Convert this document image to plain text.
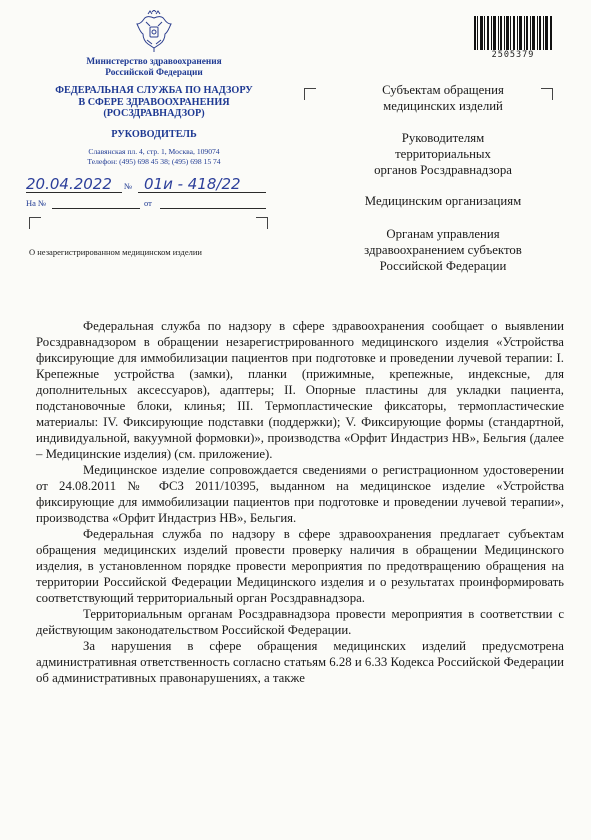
Министерство здравоохранения
Российской Федерации
ФЕДЕРАЛЬНАЯ СЛУЖБА ПО НАДЗОРУ
В СФЕРЕ ЗДРАВООХРАНЕНИЯ
(РОСЗДРАВНАДЗОР)
РУКОВОДИТЕЛЬ
Славянская пл. 4, стр. 1, Москва, 109074
Телефон: (495) 698 45 38; (495) 698 15 74
20.04.2022 № 01и - 418/22
На №	от
О незарегистрированном медицинском изделии
2505379
Субъектам обращения
медицинских изделий
Руководителям
территориальных
органов Росздравнадзора
Медицинским организациям
Органам управления
здравоохранением субъектов
Российской Федерации

Федеральная служба по надзору в сфере здравоохранения сообщает о выявлении Росздравнадзором в обращении незарегистрированного медицинского изделия «Устройства фиксирующие для иммобилизации пациентов при подготовке и проведении лучевой терапии: I. Крепежные устройства (замки), планки (прижимные, крепежные, индексные, для дополнительных аксессуаров), адаптеры; II. Опорные пластины для укладки пациента, подстановочные блоки, клинья; III. Термопластические фиксаторы, термопластические материалы: IV. Фиксирующие подставки (поддержки); V. Фиксирующие формы (стандартной, индивидуальной, вакуумной формовки)», производства «Орфит Индастриз НВ», Бельгия (далее – Медицинские изделия) (см. приложение).

Медицинское изделие сопровождается сведениями о регистрационном удостоверении от 24.08.2011 № ФСЗ 2011/10395, выданном на медицинское изделие «Устройства фиксирующие для иммобилизации пациентов при подготовке и проведении лучевой терапии», производства «Орфит Индастриз НВ», Бельгия.

Федеральная служба по надзору в сфере здравоохранения предлагает субъектам обращения медицинских изделий провести проверку наличия в обращении Медицинского изделия, в установленном порядке провести мероприятия по предотвращению обращения на территории Российской Федерации Медицинского изделия и о результатах проинформировать соответствующий территориальный орган Росздравнадзора.

Территориальным органам Росздравнадзора провести мероприятия в соответствии с действующим законодательством Российской Федерации.

За нарушения в сфере обращения медицинских изделий предусмотрена административная ответственность согласно статьям 6.28 и 6.33 Кодекса Российской Федерации об административных правонарушениях, а также
